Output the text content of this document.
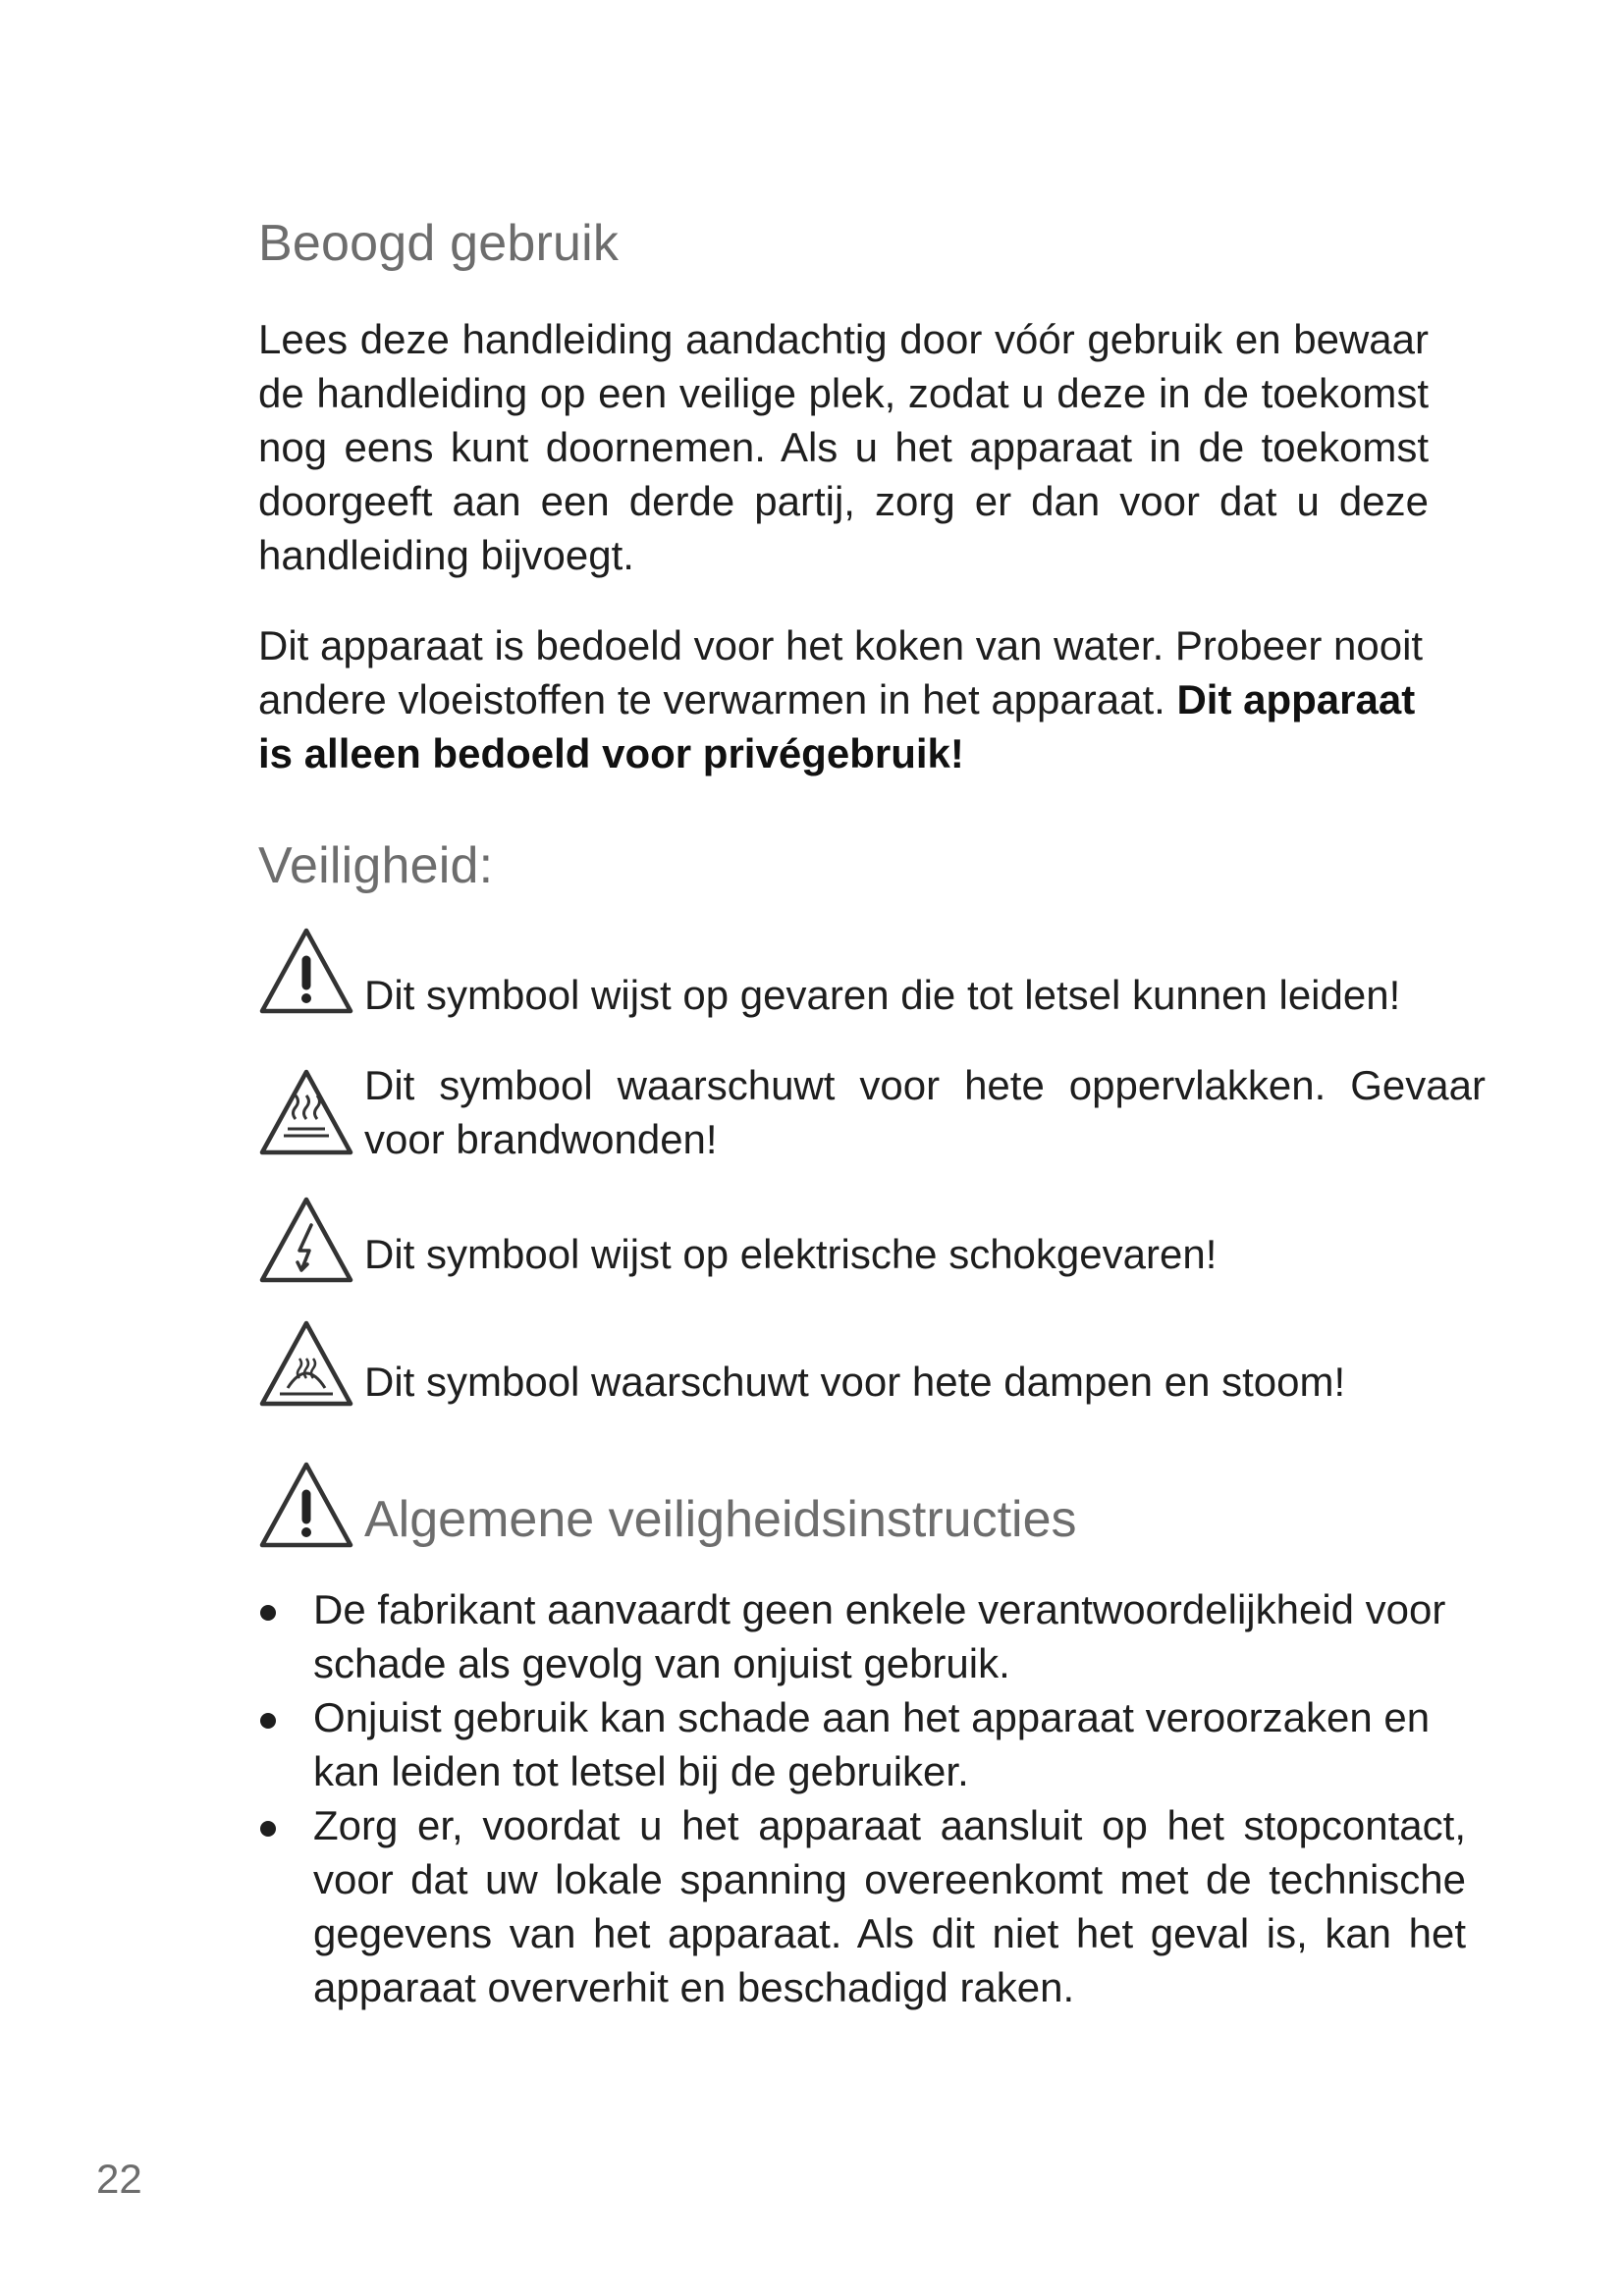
Beoogd gebruik

Lees deze handleiding aandachtig door vóór gebruik en bewaar de handleiding op een veilige plek, zodat u deze in de toekomst nog eens kunt doornemen. Als u het apparaat in de toekomst doorgeeft aan een derde partij, zorg er dan voor dat u deze handleiding bijvoegt.

Dit apparaat is bedoeld voor het koken van water. Probeer nooit andere vloeistoffen te verwarmen in het apparaat. Dit apparaat is alleen bedoeld voor privégebruik!

Veiligheid:
Dit symbool wijst op gevaren die tot letsel kunnen leiden!
Dit symbool waarschuwt voor hete oppervlakken. Gevaar voor brandwonden!
Dit symbool wijst op elektrische schokgevaren!
Dit symbool waarschuwt voor hete dampen en stoom!
Algemene veiligheidsinstructies
De fabrikant aanvaardt geen enkele verantwoordelijkheid voor schade als gevolg van onjuist gebruik.
Onjuist gebruik kan schade aan het apparaat veroorzaken en kan leiden tot letsel bij de gebruiker.
Zorg er, voordat u het apparaat aansluit op het stopcontact, voor dat uw lokale spanning overeenkomt met de technische gegevens van het apparaat. Als dit niet het geval is, kan het apparaat oververhit en beschadigd raken.
22
